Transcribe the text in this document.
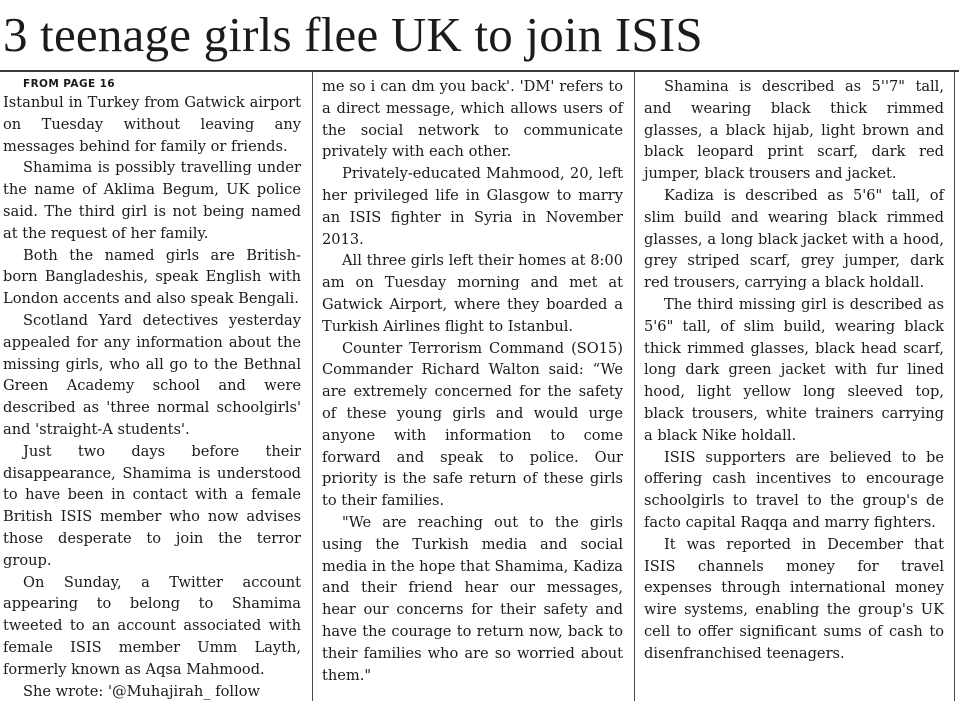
3 teenage girls flee UK to join ISIS

FROM PAGE 16

Istanbul in Turkey from Gatwick airport on Tuesday without leaving any messages behind for family or friends.

Shamima is possibly travelling under the name of Aklima Begum, UK police said. The third girl is not being named at the request of her family.

Both the named girls are British-born Bangladeshis, speak English with London accents and also speak Bengali.

Scotland Yard detectives yesterday appealed for any information about the missing girls, who all go to the Bethnal Green Academy school and were described as 'three normal schoolgirls' and 'straight-A students'.

Just two days before their disappearance, Shamima is understood to have been in contact with a female British ISIS member who now advises those desperate to join the terror group.

On Sunday, a Twitter account appearing to belong to Shamima tweeted to an account associated with female ISIS member Umm Layth, formerly known as Aqsa Mahmood.

She wrote: '@Muhajirah_ follow

me so i can dm you back'. 'DM' refers to a direct message, which allows users of the social network to communicate privately with each other.

Privately-educated Mahmood, 20, left her privileged life in Glasgow to marry an ISIS fighter in Syria in November 2013.

All three girls left their homes at 8:00 am on Tuesday morning and met at Gatwick Airport, where they boarded a Turkish Airlines flight to Istanbul.

Counter Terrorism Command (SO15) Commander Richard Walton said: “We are extremely concerned for the safety of these young girls and would urge anyone with information to come forward and speak to police. Our priority is the safe return of these girls to their families.

"We are reaching out to the girls using the Turkish media and social media in the hope that Shamima, Kadiza and their friend hear our messages, hear our concerns for their safety and have the courage to return now, back to their families who are so worried about them."

Shamina is described as 5''7" tall, and wearing black thick rimmed glasses, a black hijab, light brown and black leopard print scarf, dark red jumper, black trousers and jacket.

Kadiza is described as 5'6" tall, of slim build and wearing black rimmed glasses, a long black jacket with a hood, grey striped scarf, grey jumper, dark red trousers, carrying a black holdall.

The third missing girl is described as 5'6" tall, of slim build, wearing black thick rimmed glasses, black head scarf, long dark green jacket with fur lined hood, light yellow long sleeved top, black trousers, white trainers carrying a black Nike holdall.

ISIS supporters are believed to be offering cash incentives to encourage schoolgirls to travel to the group's de facto capital Raqqa and marry fighters.

It was reported in December that ISIS channels money for travel expenses through international money wire systems, enabling the group's UK cell to offer significant sums of cash to disenfranchised teenagers.
